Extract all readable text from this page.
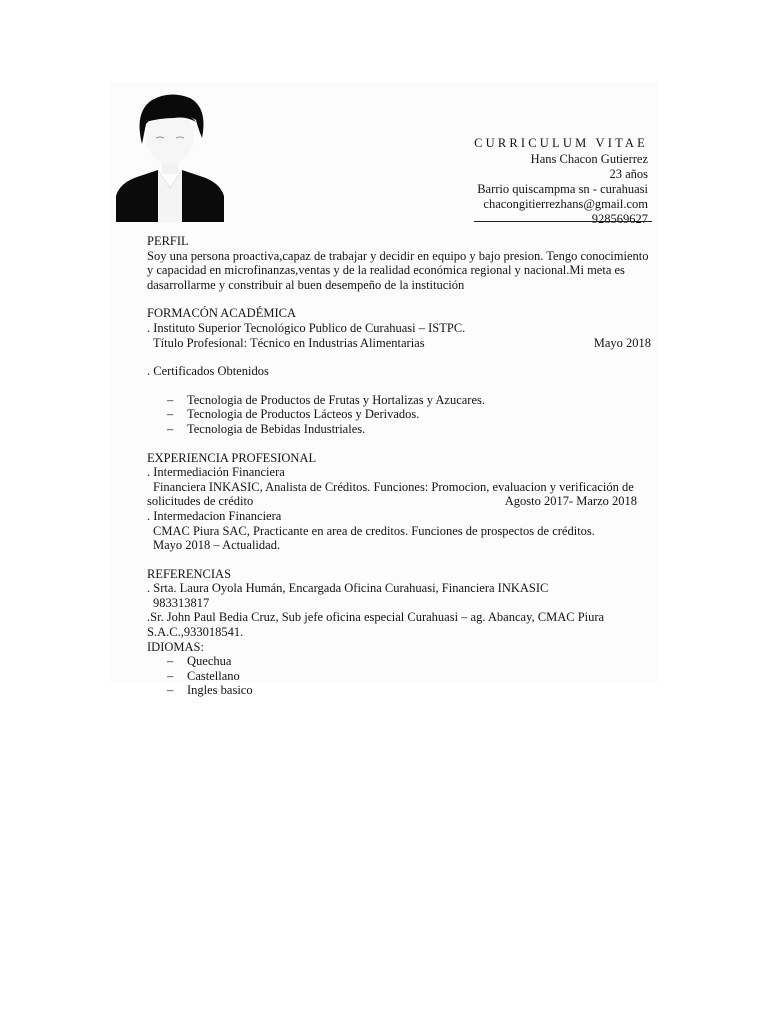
CURRICULUM VITAE
Hans Chacon Gutierrez
23 años
Barrio quiscampma sn - curahuasi
chacongitierrezhans@gmail.com
928569627
PERFIL

Soy una persona proactiva,capaz de trabajar y decidir en equipo y bajo presion. Tengo conocimiento y capacidad en microfinanzas,ventas y de la realidad económica regional y nacional.Mi meta es dasarrollarme y constribuir al buen desempeño de la institución

FORMACÓN ACADÉMICA

. Instituto Superior Tecnológico Publico de Curahuasi – ISTPC.

Título Profesional: Técnico en Industrias Alimentarias	Mayo 2018

. Certificados Obtenidos

– Tecnologia de Productos de Frutas y Hortalizas y Azucares.
– Tecnologia de Productos Lácteos y Derivados.
– Tecnologia de Bebidas Industriales.
EXPERIENCIA PROFESIONAL

. Intermediación Financiera

Financiera INKASIC, Analista de Créditos. Funciones: Promocion, evaluacion y verificación de

solicitudes de crédito	Agosto 2017- Marzo 2018

. Intermedacion Financiera

CMAC Piura SAC, Practicante en area de creditos. Funciones de prospectos de créditos.

Mayo 2018 – Actualidad.

REFERENCIAS

. Srta. Laura Oyola Humán, Encargada Oficina Curahuasi, Financiera INKASIC

983313817

.Sr. John Paul Bedia Cruz, Sub jefe oficina especial Curahuasi – ag. Abancay, CMAC Piura S.A.C.,933018541.

IDIOMAS:
– Quechua
– Castellano
– Ingles basico
